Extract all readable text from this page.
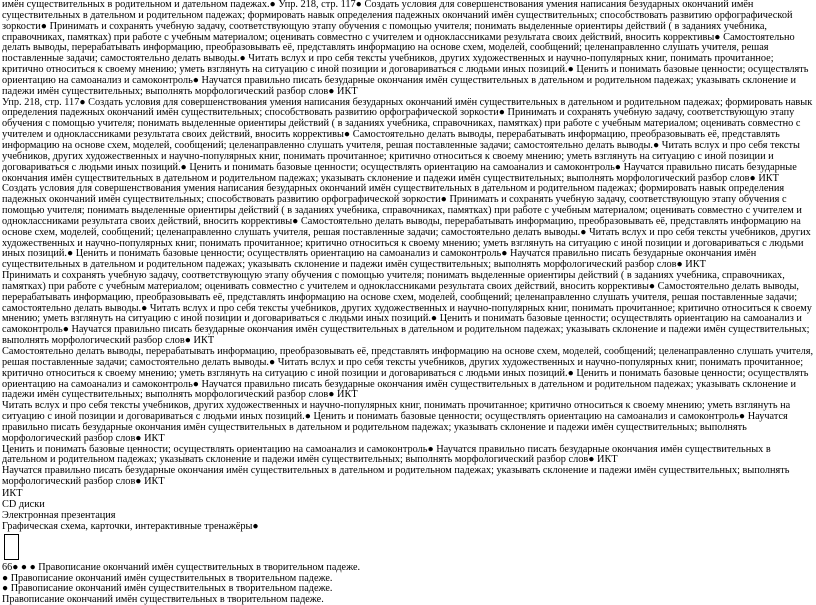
имён существительных в родительном и дательном падежах.● Упр. 218, стр. 117● Создать условия для совершенствования умения написания безударных окончаний имён существительных в дательном и родительном падежах; формировать навык определения падежных окончаний имён существительных; способствовать развитию орфографической зоркости● Принимать и сохранять учебную задачу, соответствующую этапу обучения с помощью учителя; понимать выделенные ориентиры действий ( в заданиях учебника, справочниках, памятках) при работе с учебным материалом; оценивать совместно с учителем и одноклассниками результата своих действий, вносить коррективы● Самостоятельно делать выводы, перерабатывать информацию, преобразовывать её, представлять информацию на основе схем, моделей, сообщений; целенаправленно слушать учителя, решая поставленные задачи; самостоятельно делать выводы.● Читать вслух и про себя тексты учебников, других художественных и научно-популярных книг, понимать прочитанное; критично относиться к своему мнению; уметь взглянуть на ситуацию с иной позиции и договариваться с людьми иных позиций.● Ценить и понимать базовые ценности; осуществлять ориентацию на самоанализ и самоконтроль● Научатся правильно писать безударные окончания имён существительных в дательном и родительном падежах; указывать склонение и падежи имён существительных; выполнять морфологический разбор слов● ИКТ

Упр. 218, стр. 117● Создать условия для совершенствования умения написания безударных окончаний имён существительных в дательном и родительном падежах; формировать навык определения падежных окончаний имён существительных; способствовать развитию орфографической зоркости● Принимать и сохранять учебную задачу, соответствующую этапу обучения с помощью учителя; понимать выделенные ориентиры действий ( в заданиях учебника, справочниках, памятках) при работе с учебным материалом; оценивать совместно с учителем и одноклассниками результата своих действий, вносить коррективы● Самостоятельно делать выводы, перерабатывать информацию, преобразовывать её, представлять информацию на основе схем, моделей, сообщений; целенаправленно слушать учителя, решая поставленные задачи; самостоятельно делать выводы.● Читать вслух и про себя тексты учебников, других художественных и научно-популярных книг, понимать прочитанное; критично относиться к своему мнению; уметь взглянуть на ситуацию с иной позиции и договариваться с людьми иных позиций.● Ценить и понимать базовые ценности; осуществлять ориентацию на самоанализ и самоконтроль● Научатся правильно писать безударные окончания имён существительных в дательном и родительном падежах; указывать склонение и падежи имён существительных; выполнять морфологический разбор слов● ИКТ

Создать условия для совершенствования умения написания безударных окончаний имён существительных в дательном и родительном падежах; формировать навык определения падежных окончаний имён существительных; способствовать развитию орфографической зоркости● Принимать и сохранять учебную задачу, соответствующую этапу обучения с помощью учителя; понимать выделенные ориентиры действий ( в заданиях учебника, справочниках, памятках) при работе с учебным материалом; оценивать совместно с учителем и одноклассниками результата своих действий, вносить коррективы● Самостоятельно делать выводы, перерабатывать информацию, преобразовывать её, представлять информацию на основе схем, моделей, сообщений; целенаправленно слушать учителя, решая поставленные задачи; самостоятельно делать выводы.● Читать вслух и про себя тексты учебников, других художественных и научно-популярных книг, понимать прочитанное; критично относиться к своему мнению; уметь взглянуть на ситуацию с иной позиции и договариваться с людьми иных позиций.● Ценить и понимать базовые ценности; осуществлять ориентацию на самоанализ и самоконтроль● Научатся правильно писать безударные окончания имён существительных в дательном и родительном падежах; указывать склонение и падежи имён существительных; выполнять морфологический разбор слов● ИКТ

Принимать и сохранять учебную задачу, соответствующую этапу обучения с помощью учителя; понимать выделенные ориентиры действий ( в заданиях учебника, справочниках, памятках) при работе с учебным материалом; оценивать совместно с учителем и одноклассниками результата своих действий, вносить коррективы● Самостоятельно делать выводы, перерабатывать информацию, преобразовывать её, представлять информацию на основе схем, моделей, сообщений; целенаправленно слушать учителя, решая поставленные задачи; самостоятельно делать выводы.● Читать вслух и про себя тексты учебников, других художественных и научно-популярных книг, понимать прочитанное; критично относиться к своему мнению; уметь взглянуть на ситуацию с иной позиции и договариваться с людьми иных позиций.● Ценить и понимать базовые ценности; осуществлять ориентацию на самоанализ и самоконтроль● Научатся правильно писать безударные окончания имён существительных в дательном и родительном падежах; указывать склонение и падежи имён существительных; выполнять морфологический разбор слов● ИКТ

Самостоятельно делать выводы, перерабатывать информацию, преобразовывать её, представлять информацию на основе схем, моделей, сообщений; целенаправленно слушать учителя, решая поставленные задачи; самостоятельно делать выводы.● Читать вслух и про себя тексты учебников, других художественных и научно-популярных книг, понимать прочитанное; критично относиться к своему мнению; уметь взглянуть на ситуацию с иной позиции и договариваться с людьми иных позиций.● Ценить и понимать базовые ценности; осуществлять ориентацию на самоанализ и самоконтроль● Научатся правильно писать безударные окончания имён существительных в дательном и родительном падежах; указывать склонение и падежи имён существительных; выполнять морфологический разбор слов● ИКТ

Читать вслух и про себя тексты учебников, других художественных и научно-популярных книг, понимать прочитанное; критично относиться к своему мнению; уметь взглянуть на ситуацию с иной позиции и договариваться с людьми иных позиций.● Ценить и понимать базовые ценности; осуществлять ориентацию на самоанализ и самоконтроль● Научатся правильно писать безударные окончания имён существительных в дательном и родительном падежах; указывать склонение и падежи имён существительных; выполнять морфологический разбор слов● ИКТ

Ценить и понимать базовые ценности; осуществлять ориентацию на самоанализ и самоконтроль● Научатся правильно писать безударные окончания имён существительных в дательном и родительном падежах; указывать склонение и падежи имён существительных; выполнять морфологический разбор слов● ИКТ

Научатся правильно писать безударные окончания имён существительных в дательном и родительном падежах; указывать склонение и падежи имён существительных; выполнять морфологический разбор слов● ИКТ

ИКТ

CD диски

Электронная презентация

Графическая схема, карточки, интерактивные тренажёры●

66● ● ● Правописание окончаний имён существительных в творительном падеже.

● Правописание окончаний имён существительных в творительном падеже.

● Правописание окончаний имён существительных в творительном падеже.

Правописание окончаний имён существительных в творительном падеже.
